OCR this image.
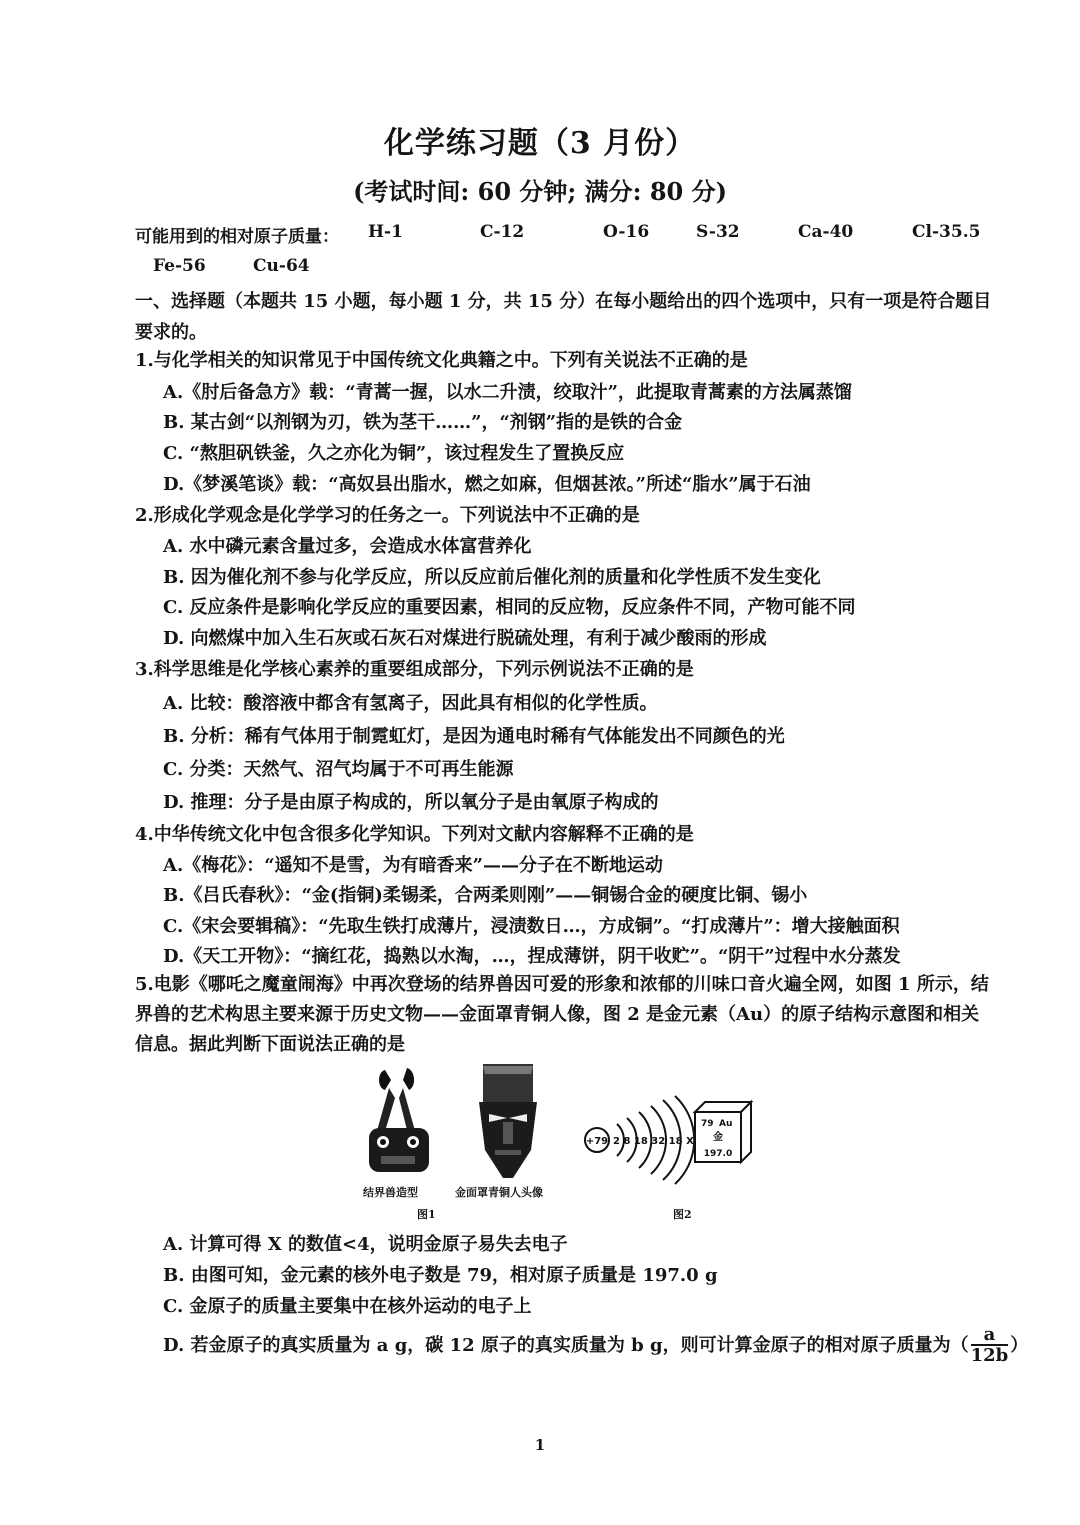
化学练习题（3 月份）
(考试时间: 60 分钟; 满分: 80 分)
可能用到的相对原子质量： H-1	C-12	O-16	S-32	Ca-40	Cl-35.5
Fe-56	Cu-64
一、选择题（本题共 15 小题，每小题 1 分，共 15 分）在每小题给出的四个选项中，只有一项是符合题目要求的。
1.与化学相关的知识常见于中国传统文化典籍之中。下列有关说法不正确的是
A.《肘后备急方》载：“青蒿一握，以水二升渍，绞取汁”，此提取青蒿素的方法属蒸馏
B. 某古剑“以剂钢为刃，铁为茎干……”，“剂钢”指的是铁的合金
C. “熬胆矾铁釜，久之亦化为铜”，该过程发生了置换反应
D.《梦溪笔谈》载：“高奴县出脂水，燃之如麻，但烟甚浓。”所述“脂水”属于石油
2.形成化学观念是化学学习的任务之一。下列说法中不正确的是
A. 水中磷元素含量过多，会造成水体富营养化
B. 因为催化剂不参与化学反应，所以反应前后催化剂的质量和化学性质不发生变化
C. 反应条件是影响化学反应的重要因素，相同的反应物，反应条件不同，产物可能不同
D. 向燃煤中加入生石灰或石灰石对煤进行脱硫处理，有利于减少酸雨的形成
3.科学思维是化学核心素养的重要组成部分，下列示例说法不正确的是
A. 比较：酸溶液中都含有氢离子，因此具有相似的化学性质。
B. 分析：稀有气体用于制霓虹灯，是因为通电时稀有气体能发出不同颜色的光
C. 分类：天然气、沼气均属于不可再生能源
D. 推理：分子是由原子构成的，所以氧分子是由氧原子构成的
4.中华传统文化中包含很多化学知识。下列对文献内容解释不正确的是
A.《梅花》：“遥知不是雪，为有暗香来”——分子在不断地运动
B.《吕氏春秋》：“金(指铜)柔锡柔，合两柔则刚”——铜锡合金的硬度比铜、锡小
C.《宋会要辑稿》：“先取生铁打成薄片，浸渍数日…，方成铜”。“打成薄片”：增大接触面积
D.《天工开物》：“摘红花，捣熟以水淘，…，捏成薄饼，阴干收贮”。“阴干”过程中水分蒸发
5.电影《哪吒之魔童闹海》中再次登场的结界兽因可爱的形象和浓郁的川味口音火遍全网，如图 1 所示，结界兽的艺术构思主要来源于历史文物——金面罩青铜人像，图 2 是金元素（Au）的原子结构示意图和相关信息。据此判断下面说法正确的是
+79 2 8 18 32 18 X
79 Au
金
197.0
结界兽造型	金面罩青铜人头像
图1	图2
A. 计算可得 X 的数值<4，说明金原子易失去电子
B. 由图可知，金元素的核外电子数是 79，相对原子质量是 197.0 g
C. 金原子的质量主要集中在核外运动的电子上
D. 若金原子的真实质量为 a g，碳 12 原子的真实质量为 b g，则可计算金原子的相对原子质量为（ $\frac{a}{12b}$ ）
1
